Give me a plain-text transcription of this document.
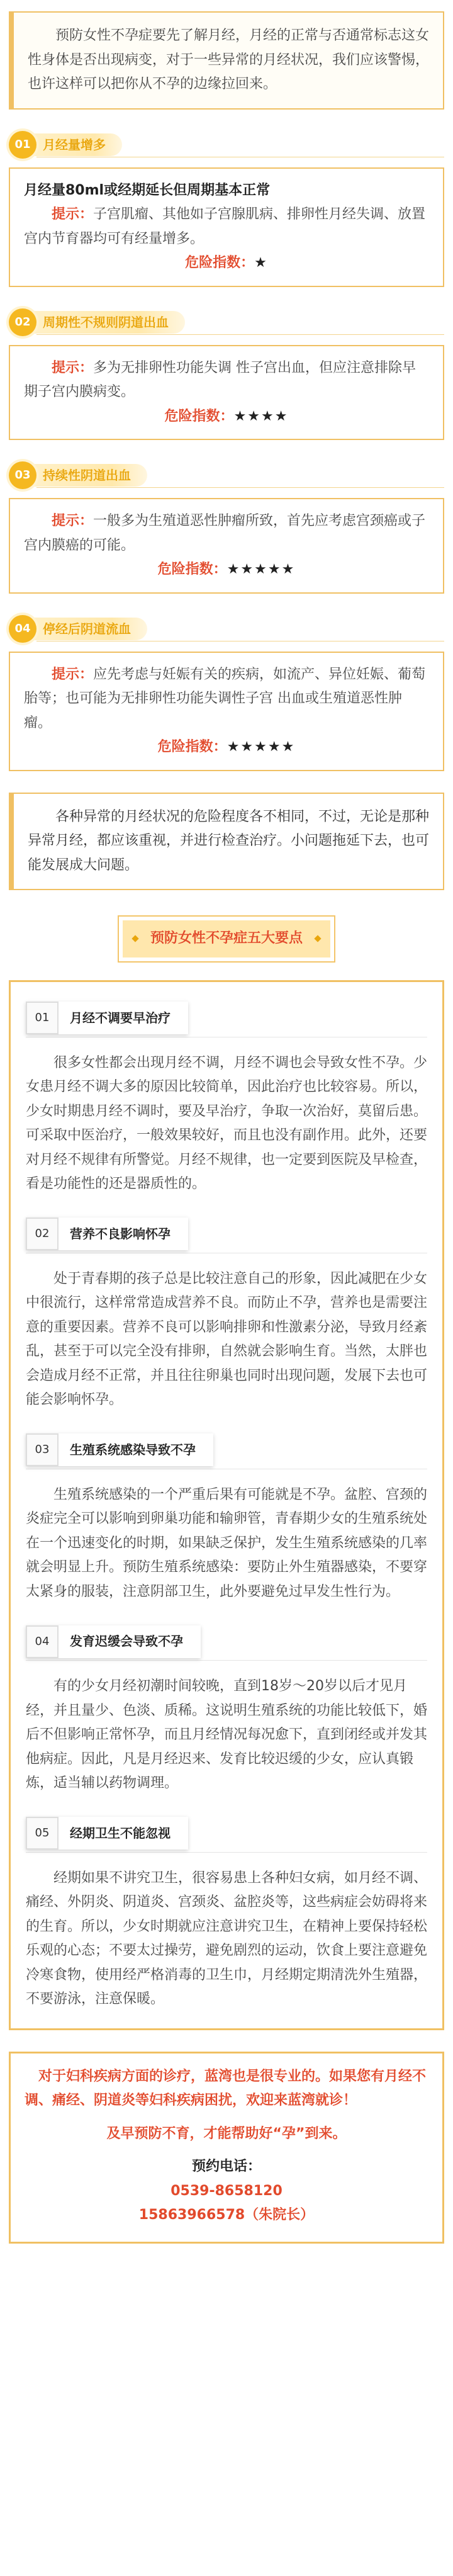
预防女性不孕症要先了解月经，月经的正常与否通常标志这女性身体是否出现病变，对于一些异常的月经状况，我们应该警惕，也许这样可以把你从不孕的边缘拉回来。
01 月经量增多
月经量80ml或经期延长但周期基本正常
提示：子宫肌瘤、其他如子宫腺肌病、排卵性月经失调、放置宫内节育器均可有经量增多。
危险指数：★
02 周期性不规则阴道出血
提示：多为无排卵性功能失调 性子宫出血，但应注意排除早期子宫内膜病变。
危险指数：★★★★
03 持续性阴道出血
提示：一般多为生殖道恶性肿瘤所致，首先应考虑宫颈癌或子宫内膜癌的可能。
危险指数：★★★★★
04 停经后阴道流血
提示：应先考虑与妊娠有关的疾病，如流产、异位妊娠、葡萄胎等；也可能为无排卵性功能失调性子宫 出血或生殖道恶性肿瘤。
危险指数：★★★★★
各种异常的月经状况的危险程度各不相同，不过，无论是那种异常月经，都应该重视，并进行检查治疗。小问题拖延下去，也可能发展成大问题。
预防女性不孕症五大要点
01	月经不调要早治疗
很多女性都会出现月经不调，月经不调也会导致女性不孕。少女患月经不调大多的原因比较简单，因此治疗也比较容易。所以，少女时期患月经不调时，要及早治疗，争取一次治好，莫留后患。可采取中医治疗，一般效果较好，而且也没有副作用。此外，还要对月经不规律有所警觉。月经不规律，也一定要到医院及早检查，看是功能性的还是器质性的。
02	营养不良影响怀孕
处于青春期的孩子总是比较注意自己的形象，因此减肥在少女中很流行，这样常常造成营养不良。而防止不孕，营养也是需要注意的重要因素。营养不良可以影响排卵和性激素分泌，导致月经紊乱，甚至于可以完全没有排卵，自然就会影响生育。当然，太胖也会造成月经不正常，并且往往卵巢也同时出现问题，发展下去也可能会影响怀孕。
03	生殖系统感染导致不孕
生殖系统感染的一个严重后果有可能就是不孕。盆腔、宫颈的炎症完全可以影响到卵巢功能和输卵管，青春期少女的生殖系统处在一个迅速变化的时期，如果缺乏保护，发生生殖系统感染的几率就会明显上升。预防生殖系统感染：要防止外生殖器感染，不要穿太紧身的服装，注意阴部卫生，此外要避免过早发生性行为。
04	发育迟缓会导致不孕
有的少女月经初潮时间较晚，直到18岁～20岁以后才见月经，并且量少、色淡、质稀。这说明生殖系统的功能比较低下，婚后不但影响正常怀孕，而且月经情况每况愈下，直到闭经或并发其他病症。因此，凡是月经迟来、发育比较迟缓的少女，应认真锻炼，适当辅以药物调理。
05	经期卫生不能忽视
经期如果不讲究卫生，很容易患上各种妇女病，如月经不调、痛经、外阴炎、阴道炎、宫颈炎、盆腔炎等，这些病症会妨碍将来的生育。所以，少女时期就应注意讲究卫生，在精神上要保持轻松乐观的心态；不要太过操劳，避免剧烈的运动，饮食上要注意避免冷寒食物，使用经严格消毒的卫生巾，月经期定期清洗外生殖器，不要游泳，注意保暖。
对于妇科疾病方面的诊疗，蓝湾也是很专业的。如果您有月经不调、痛经、阴道炎等妇科疾病困扰，欢迎来蓝湾就诊！
及早预防不育，才能帮助好“孕”到来。
预约电话：
0539-8658120
15863966578（朱院长）
